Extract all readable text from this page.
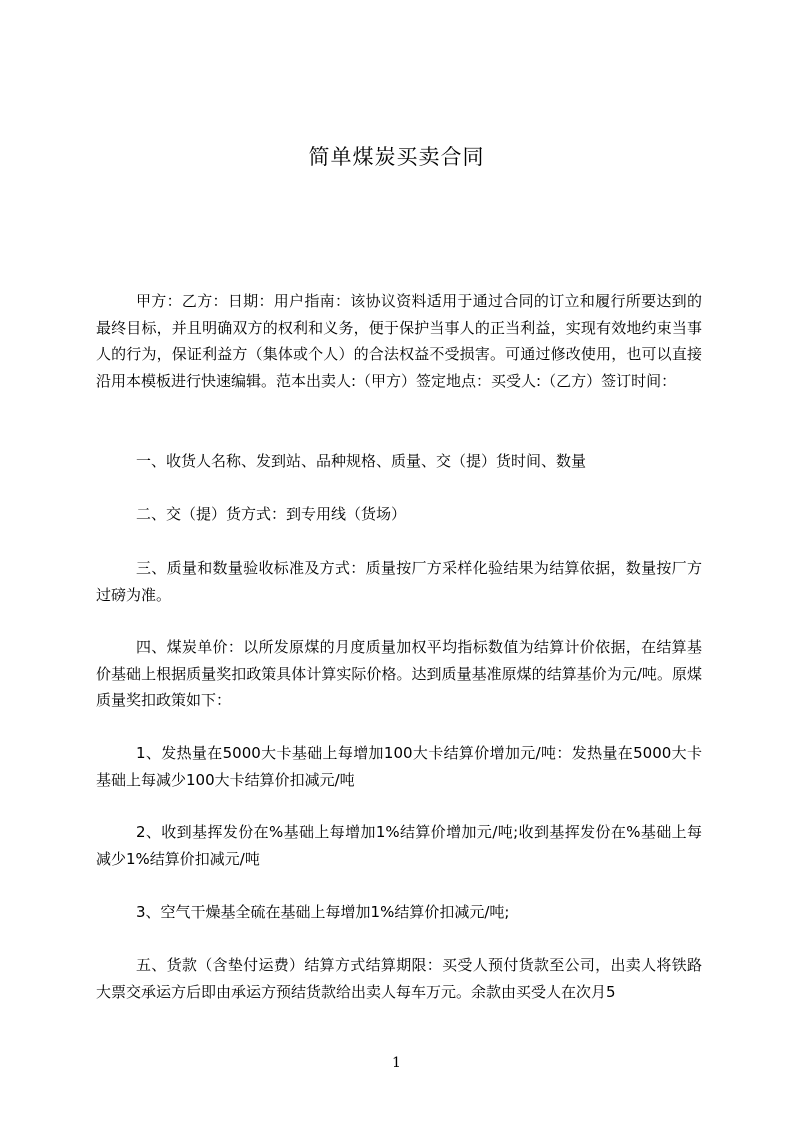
简单煤炭买卖合同

甲方：乙方：日期：用户指南：该协议资料适用于通过合同的订立和履行所要达到的最终目标，并且明确双方的权利和义务，便于保护当事人的正当利益，实现有效地约束当事人的行为，保证利益方（集体或个人）的合法权益不受损害。可通过修改使用，也可以直接沿用本模板进行快速编辑。范本出卖人:（甲方）签定地点：买受人:（乙方）签订时间：

一、收货人名称、发到站、品种规格、质量、交（提）货时间、数量

二、交（提）货方式：到专用线（货场）

三、质量和数量验收标准及方式：质量按厂方采样化验结果为结算依据，数量按厂方过磅为准。

四、煤炭单价：以所发原煤的月度质量加权平均指标数值为结算计价依据，在结算基价基础上根据质量奖扣政策具体计算实际价格。达到质量基准原煤的结算基价为元/吨。原煤质量奖扣政策如下：

1、发热量在5000大卡基础上每增加100大卡结算价增加元/吨：发热量在5000大卡基础上每减少100大卡结算价扣减元/吨

2、收到基挥发份在%基础上每增加1%结算价增加元/吨;收到基挥发份在%基础上每减少1%结算价扣减元/吨

3、空气干燥基全硫在基础上每增加1%结算价扣减元/吨;

五、货款（含垫付运费）结算方式结算期限：买受人预付货款至公司，出卖人将铁路大票交承运方后即由承运方预结货款给出卖人每车万元。余款由买受人在次月5

1
